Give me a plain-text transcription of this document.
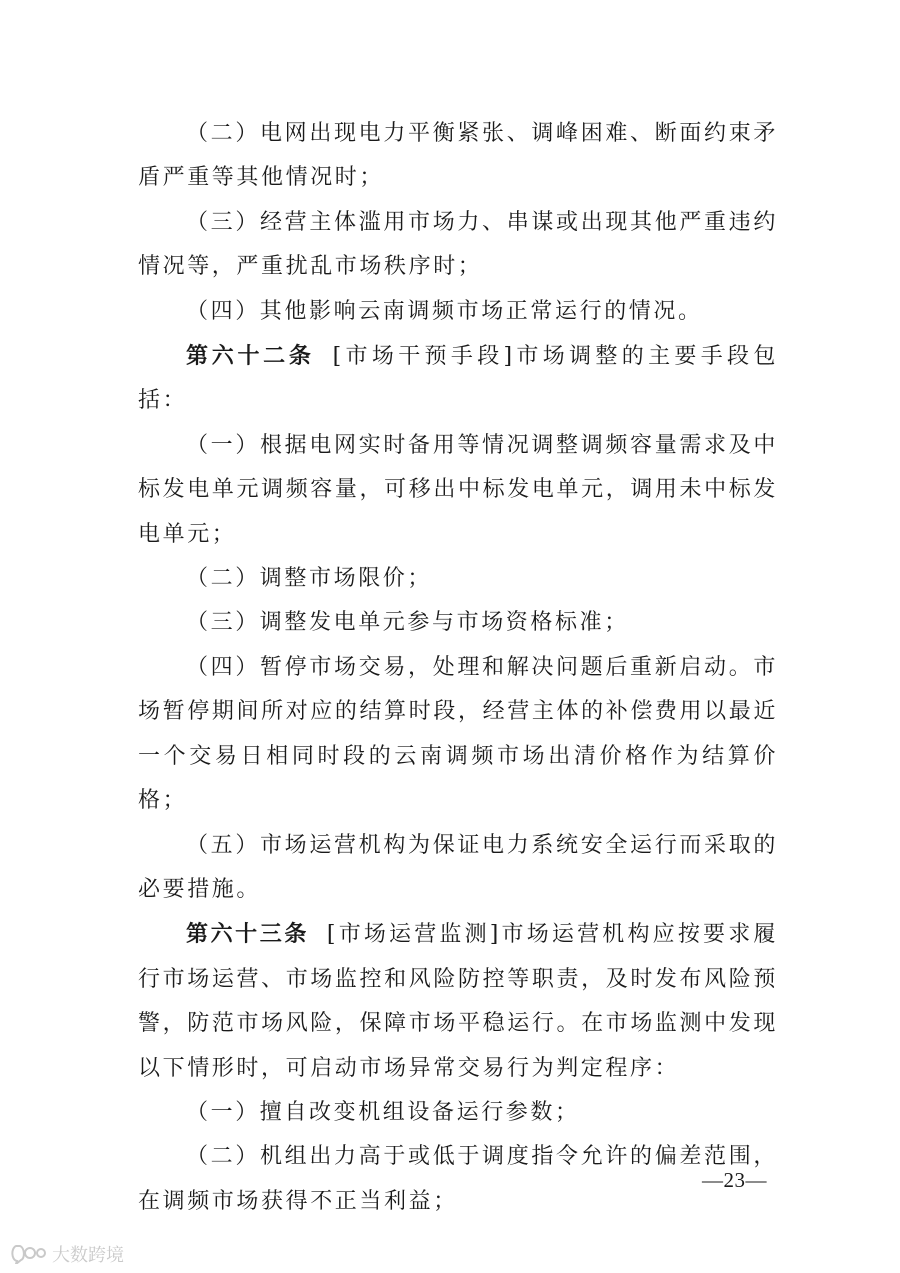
（二）电网出现电力平衡紧张、调峰困难、断面约束矛盾严重等其他情况时；

（三）经营主体滥用市场力、串谋或出现其他严重违约情况等，严重扰乱市场秩序时；

（四）其他影响云南调频市场正常运行的情况。

第六十二条 [市场干预手段]市场调整的主要手段包括：

（一）根据电网实时备用等情况调整调频容量需求及中标发电单元调频容量，可移出中标发电单元，调用未中标发电单元；

（二）调整市场限价；

（三）调整发电单元参与市场资格标准；

（四）暂停市场交易，处理和解决问题后重新启动。市场暂停期间所对应的结算时段，经营主体的补偿费用以最近一个交易日相同时段的云南调频市场出清价格作为结算价格；

（五）市场运营机构为保证电力系统安全运行而采取的必要措施。

第六十三条 [市场运营监测]市场运营机构应按要求履行市场运营、市场监控和风险防控等职责，及时发布风险预警，防范市场风险，保障市场平稳运行。在市场监测中发现以下情形时，可启动市场异常交易行为判定程序：

（一）擅自改变机组设备运行参数；

（二）机组出力高于或低于调度指令允许的偏差范围，在调频市场获得不正当利益；

—23—
大数跨境
